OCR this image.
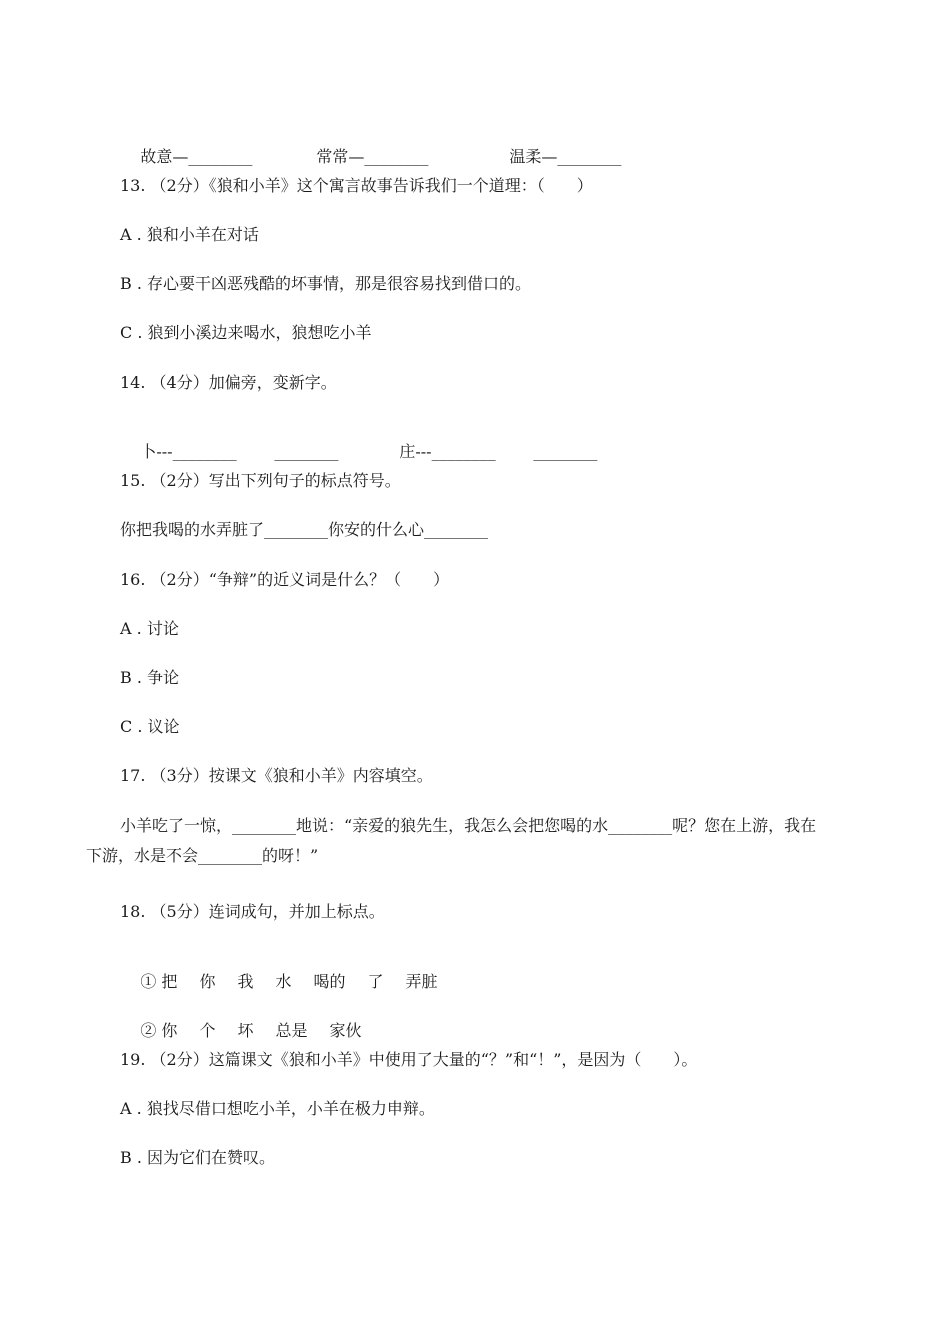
故意—________	常常—________	温柔—________

13. （2分）《狼和小羊》这个寓言故事告诉我们一个道理：（　　）
A . 狼和小羊在对话
B . 存心要干凶恶残酷的坏事情，那是很容易找到借口的。
C . 狼到小溪边来喝水，狼想吃小羊
14. （4分）加偏旁，变新字。

卜---________ ________	庄---________ ________

15. （2分）写出下列句子的标点符号。
你把我喝的水弄脏了________你安的什么心________
16. （2分）“争辩”的近义词是什么？（　　）
A . 讨论
B . 争论
C . 议论
17. （3分）按课文《狼和小羊》内容填空。
小羊吃了一惊，________地说：“亲爱的狼先生，我怎么会把您喝的水________呢？您在上游，我在
下游，水是不会________的呀！”
18. （5分）连词成句，并加上标点。

① 把 你 我 水 喝的 了 弄脏

② 你 个 坏 总是 家伙

19. （2分）这篇课文《狼和小羊》中使用了大量的“？”和“！”，是因为（　　）。
A . 狼找尽借口想吃小羊，小羊在极力申辩。
B . 因为它们在赞叹。
